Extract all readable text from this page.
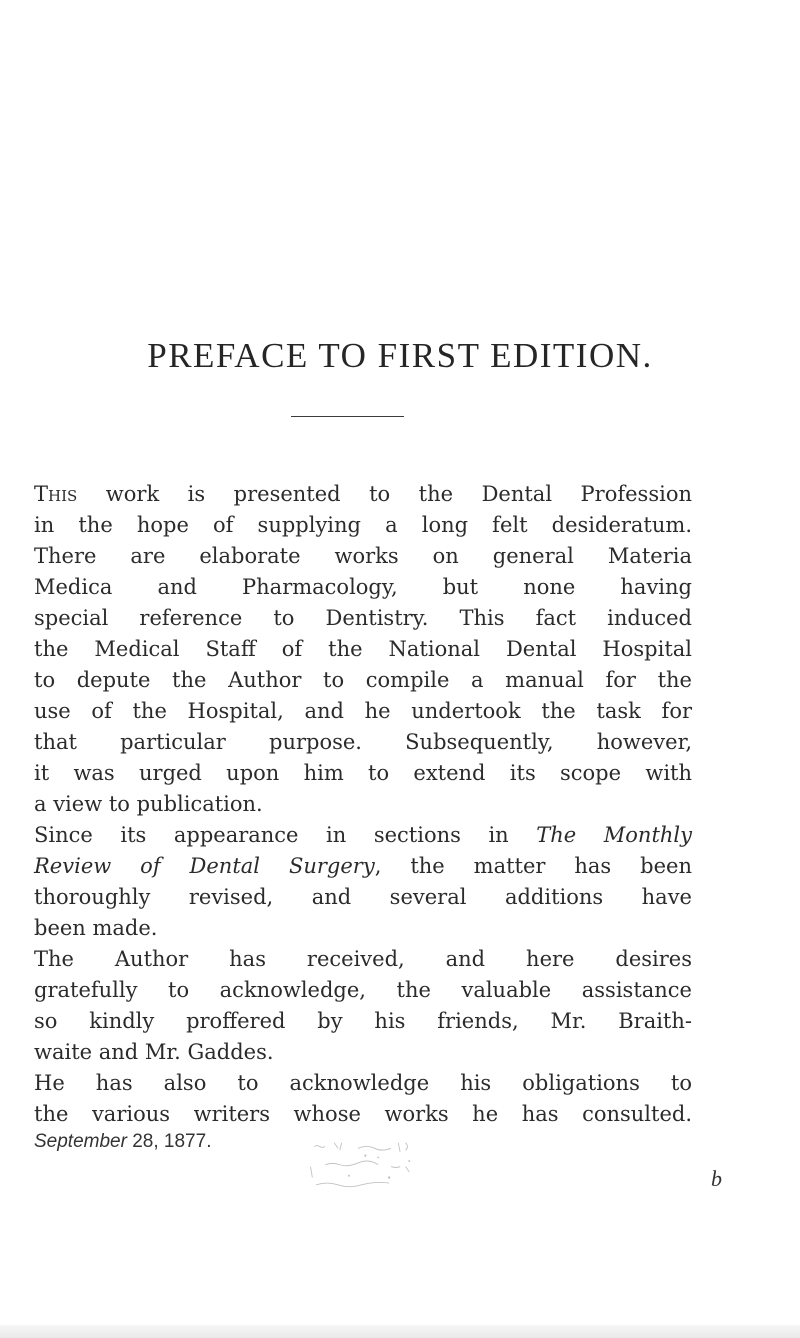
PREFACE TO FIRST EDITION.
This work is presented to the Dental Profession
in the hope of supplying a long felt desideratum.
There are elaborate works on general Materia
Medica and Pharmacology, but none having
special reference to Dentistry. This fact induced
the Medical Staff of the National Dental Hospital
to depute the Author to compile a manual for the
use of the Hospital, and he undertook the task for
that particular purpose. Subsequently, however,
it was urged upon him to extend its scope with
a view to publication.
Since its appearance in sections in The Monthly
Review of Dental Surgery, the matter has been
thoroughly revised, and several additions have
been made.
The Author has received, and here desires
gratefully to acknowledge, the valuable assistance
so kindly proffered by his friends, Mr. Braith-
waite and Mr. Gaddes.
He has also to acknowledge his obligations to
the various writers whose works he has consulted.
September 28, 1877.
b
